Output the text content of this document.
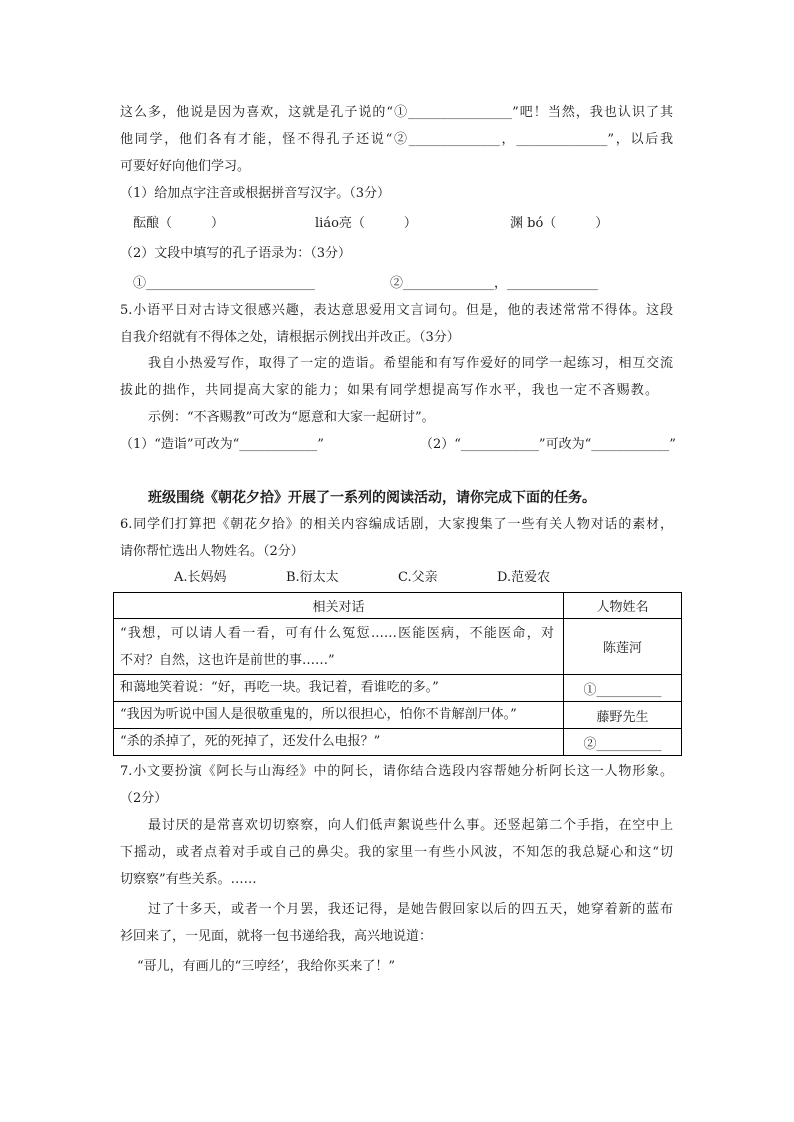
这么多，他说是因为喜欢，这就是孔子说的“①________________”吧！当然，我也认识了其
他同学，他们各有才能，怪不得孔子还说“②______________，______________”，以后我
可要好好向他们学习。
（1）给加点字注音或根据拼音写汉字。（3分）
酝酿（　　　）	liáo亮（　　　）	渊 bó（　　　）
（2）文段中填写的孔子语录为：（3分）
①__________________________	②______________，______________
5.小语平日对古诗文很感兴趣，表达意思爱用文言词句。但是，他的表述常常不得体。这段
自我介绍就有不得体之处，请根据示例找出并改正。（3分）
我自小热爱写作，取得了一定的造诣。希望能和有写作爱好的同学一起练习，相互交流
拔此的拙作，共同提高大家的能力；如果有同学想提高写作水平，我也一定不吝赐教。
示例：“不吝赐教”可改为“愿意和大家一起研讨”。
（1）“造诣”可改为“____________”	（2）“____________”可改为“____________”
班级围绕《朝花夕拾》开展了一系列的阅读活动，请你完成下面的任务。
6.同学们打算把《朝花夕拾》的相关内容编成话剧，大家搜集了一些有关人物对话的素材，
请你帮忙选出人物姓名。（2分）
A.长妈妈	B.衍太太	C.父亲	D.范爱农
相关对话	人物姓名

“我想，可以请人看一看，可有什么冤愆……医能医病，不能医命，对
不对？自然，这也许是前世的事……”	陈莲河

和蔼地笑着说：“好，再吃一块。我记着，看谁吃的多。”	①__________

“我因为听说中国人是很敬重鬼的，所以很担心，怕你不肯解剖尸体。”	藤野先生

“杀的杀掉了，死的死掉了，还发什么电报？”	②__________
7.小文要扮演《阿长与山海经》中的阿长，请你结合选段内容帮她分析阿长这一人物形象。
（2分）
最讨厌的是常喜欢切切察察，向人们低声絮说些什么事。还竖起第二个手指，在空中上
下摇动，或者点着对手或自己的鼻尖。我的家里一有些小风波，不知怎的我总疑心和这“切
切察察”有些关系。……
过了十多天，或者一个月罢，我还记得，是她告假回家以后的四五天，她穿着新的蓝布
衫回来了，一见面，就将一包书递给我，高兴地说道：
“哥儿，有画儿的“三哼经’，我给你买来了！”
